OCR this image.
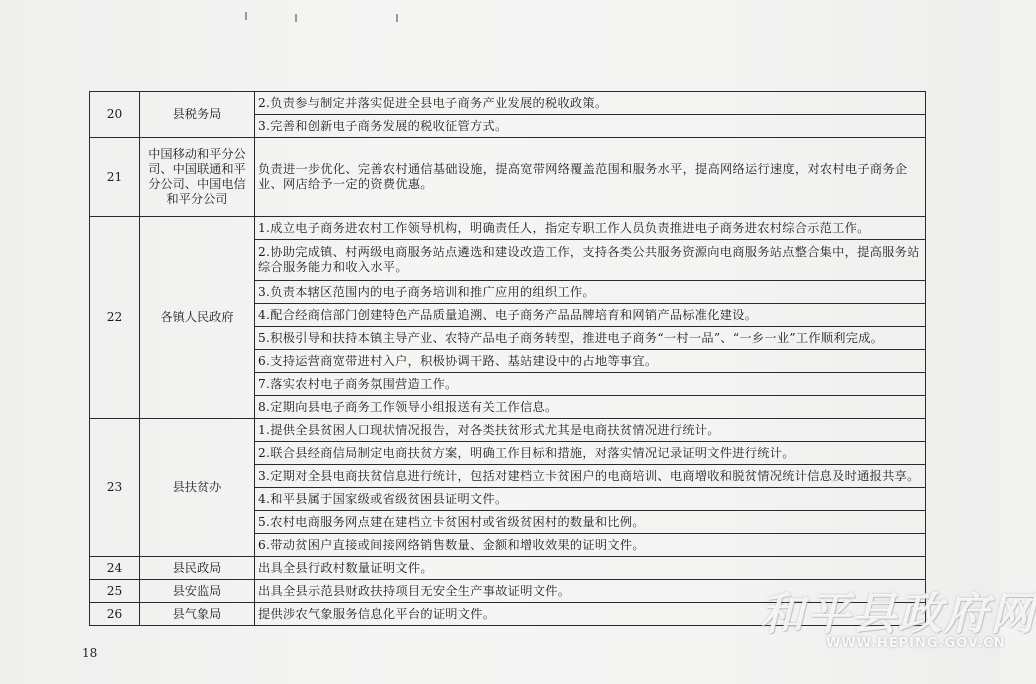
20	县税务局	2.负责参与制定并落实促进全县电子商务产业发展的税收政策。
		3.完善和创新电子商务发展的税收征管方式。
21	中国移动和平分公司、中国联通和平分公司、中国电信和平分公司	负责进一步优化、完善农村通信基础设施，提高宽带网络覆盖范围和服务水平，提高网络运行速度，对农村电子商务企业、网店给予一定的资费优惠。
22	各镇人民政府	1.成立电子商务进农村工作领导机构，明确责任人，指定专职工作人员负责推进电子商务进农村综合示范工作。
		2.协助完成镇、村两级电商服务站点遴选和建设改造工作，支持各类公共服务资源向电商服务站点整合集中，提高服务站综合服务能力和收入水平。
		3.负责本辖区范围内的电子商务培训和推广应用的组织工作。
		4.配合经商信部门创建特色产品质量追溯、电子商务产品品牌培育和网销产品标准化建设。
		5.积极引导和扶持本镇主导产业、农特产品电子商务转型，推进电子商务“一村一品”、“一乡一业”工作顺利完成。
		6.支持运营商宽带进村入户，积极协调干路、基站建设中的占地等事宜。
		7.落实农村电子商务氛围营造工作。
		8.定期向县电子商务工作领导小组报送有关工作信息。
23	县扶贫办	1.提供全县贫困人口现状情况报告，对各类扶贫形式尤其是电商扶贫情况进行统计。
		2.联合县经商信局制定电商扶贫方案，明确工作目标和措施，对落实情况记录证明文件进行统计。
		3.定期对全县电商扶贫信息进行统计，包括对建档立卡贫困户的电商培训、电商增收和脱贫情况统计信息及时通报共享。
		4.和平县属于国家级或省级贫困县证明文件。
		5.农村电商服务网点建在建档立卡贫困村或省级贫困村的数量和比例。
		6.带动贫困户直接或间接网络销售数量、金额和增收效果的证明文件。
24	县民政局	出具全县行政村数量证明文件。
25	县安监局	出具全县示范县财政扶持项目无安全生产事故证明文件。
26	县气象局	提供涉农气象服务信息化平台的证明文件。
18
和平县政府网
WWW.HEPING.GOV.CN
